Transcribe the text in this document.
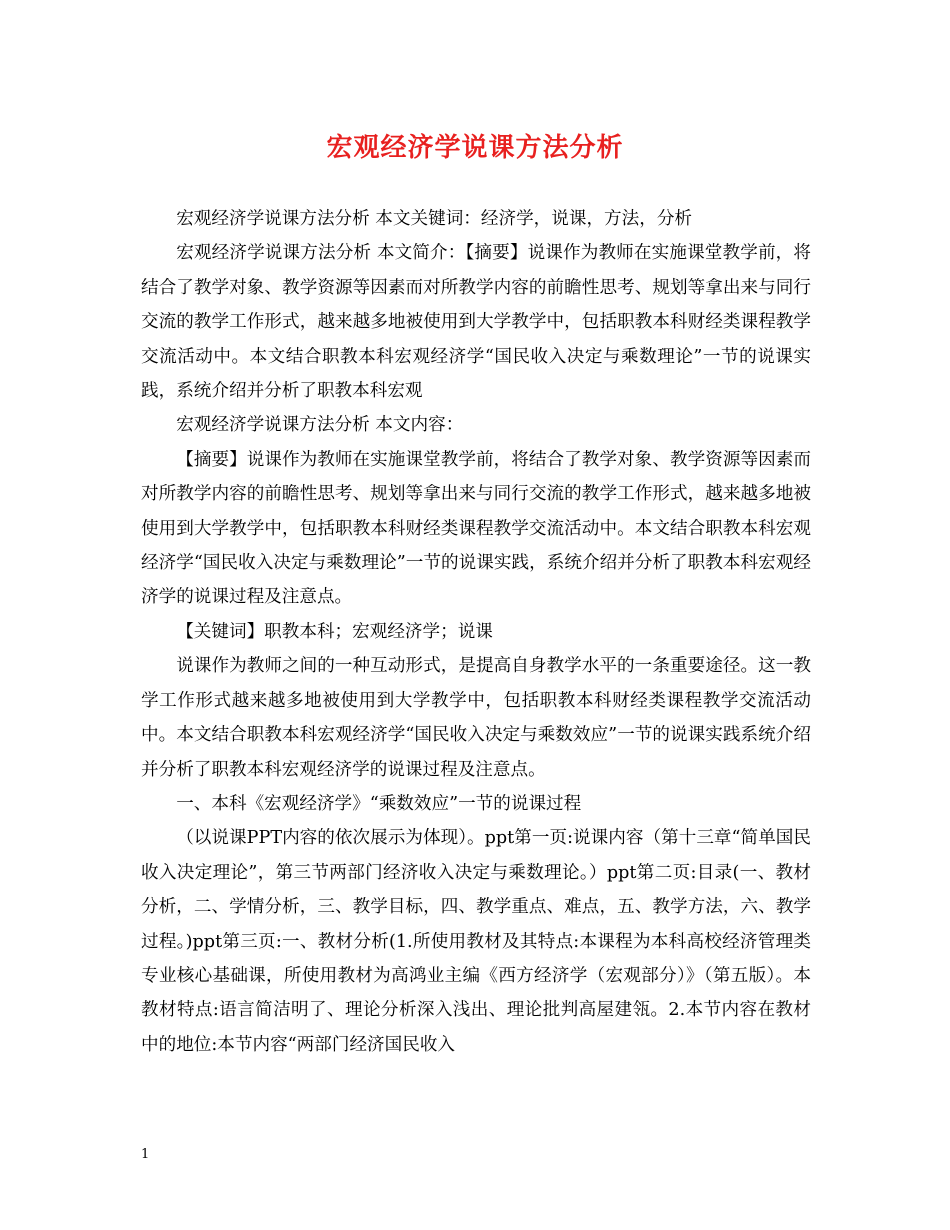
宏观经济学说课方法分析

宏观经济学说课方法分析 本文关键词：经济学，说课，方法，分析

宏观经济学说课方法分析 本文简介：【摘要】说课作为教师在实施课堂教学前，将结合了教学对象、教学资源等因素而对所教学内容的前瞻性思考、规划等拿出来与同行交流的教学工作形式，越来越多地被使用到大学教学中，包括职教本科财经类课程教学交流活动中。本文结合职教本科宏观经济学“国民收入决定与乘数理论”一节的说课实践，系统介绍并分析了职教本科宏观

宏观经济学说课方法分析 本文内容：

【摘要】说课作为教师在实施课堂教学前，将结合了教学对象、教学资源等因素而对所教学内容的前瞻性思考、规划等拿出来与同行交流的教学工作形式，越来越多地被使用到大学教学中，包括职教本科财经类课程教学交流活动中。本文结合职教本科宏观经济学“国民收入决定与乘数理论”一节的说课实践，系统介绍并分析了职教本科宏观经济学的说课过程及注意点。

【关键词】职教本科；宏观经济学；说课

说课作为教师之间的一种互动形式，是提高自身教学水平的一条重要途径。这一教学工作形式越来越多地被使用到大学教学中，包括职教本科财经类课程教学交流活动中。本文结合职教本科宏观经济学“国民收入决定与乘数效应”一节的说课实践系统介绍并分析了职教本科宏观经济学的说课过程及注意点。

一、本科《宏观经济学》“乘数效应”一节的说课过程

（以说课PPT内容的依次展示为体现）。ppt第一页:说课内容（第十三章“简单国民收入决定理论”，第三节两部门经济收入决定与乘数理论。）ppt第二页:目录(一、教材分析，二、学情分析，三、教学目标，四、教学重点、难点，五、教学方法，六、教学过程。)ppt第三页:一、教材分析(1.所使用教材及其特点:本课程为本科高校经济管理类专业核心基础课，所使用教材为高鸿业主编《西方经济学（宏观部分）》（第五版）。本教材特点:语言简洁明了、理论分析深入浅出、理论批判高屋建瓴。2.本节内容在教材中的地位:本节内容“两部门经济国民收入

1
